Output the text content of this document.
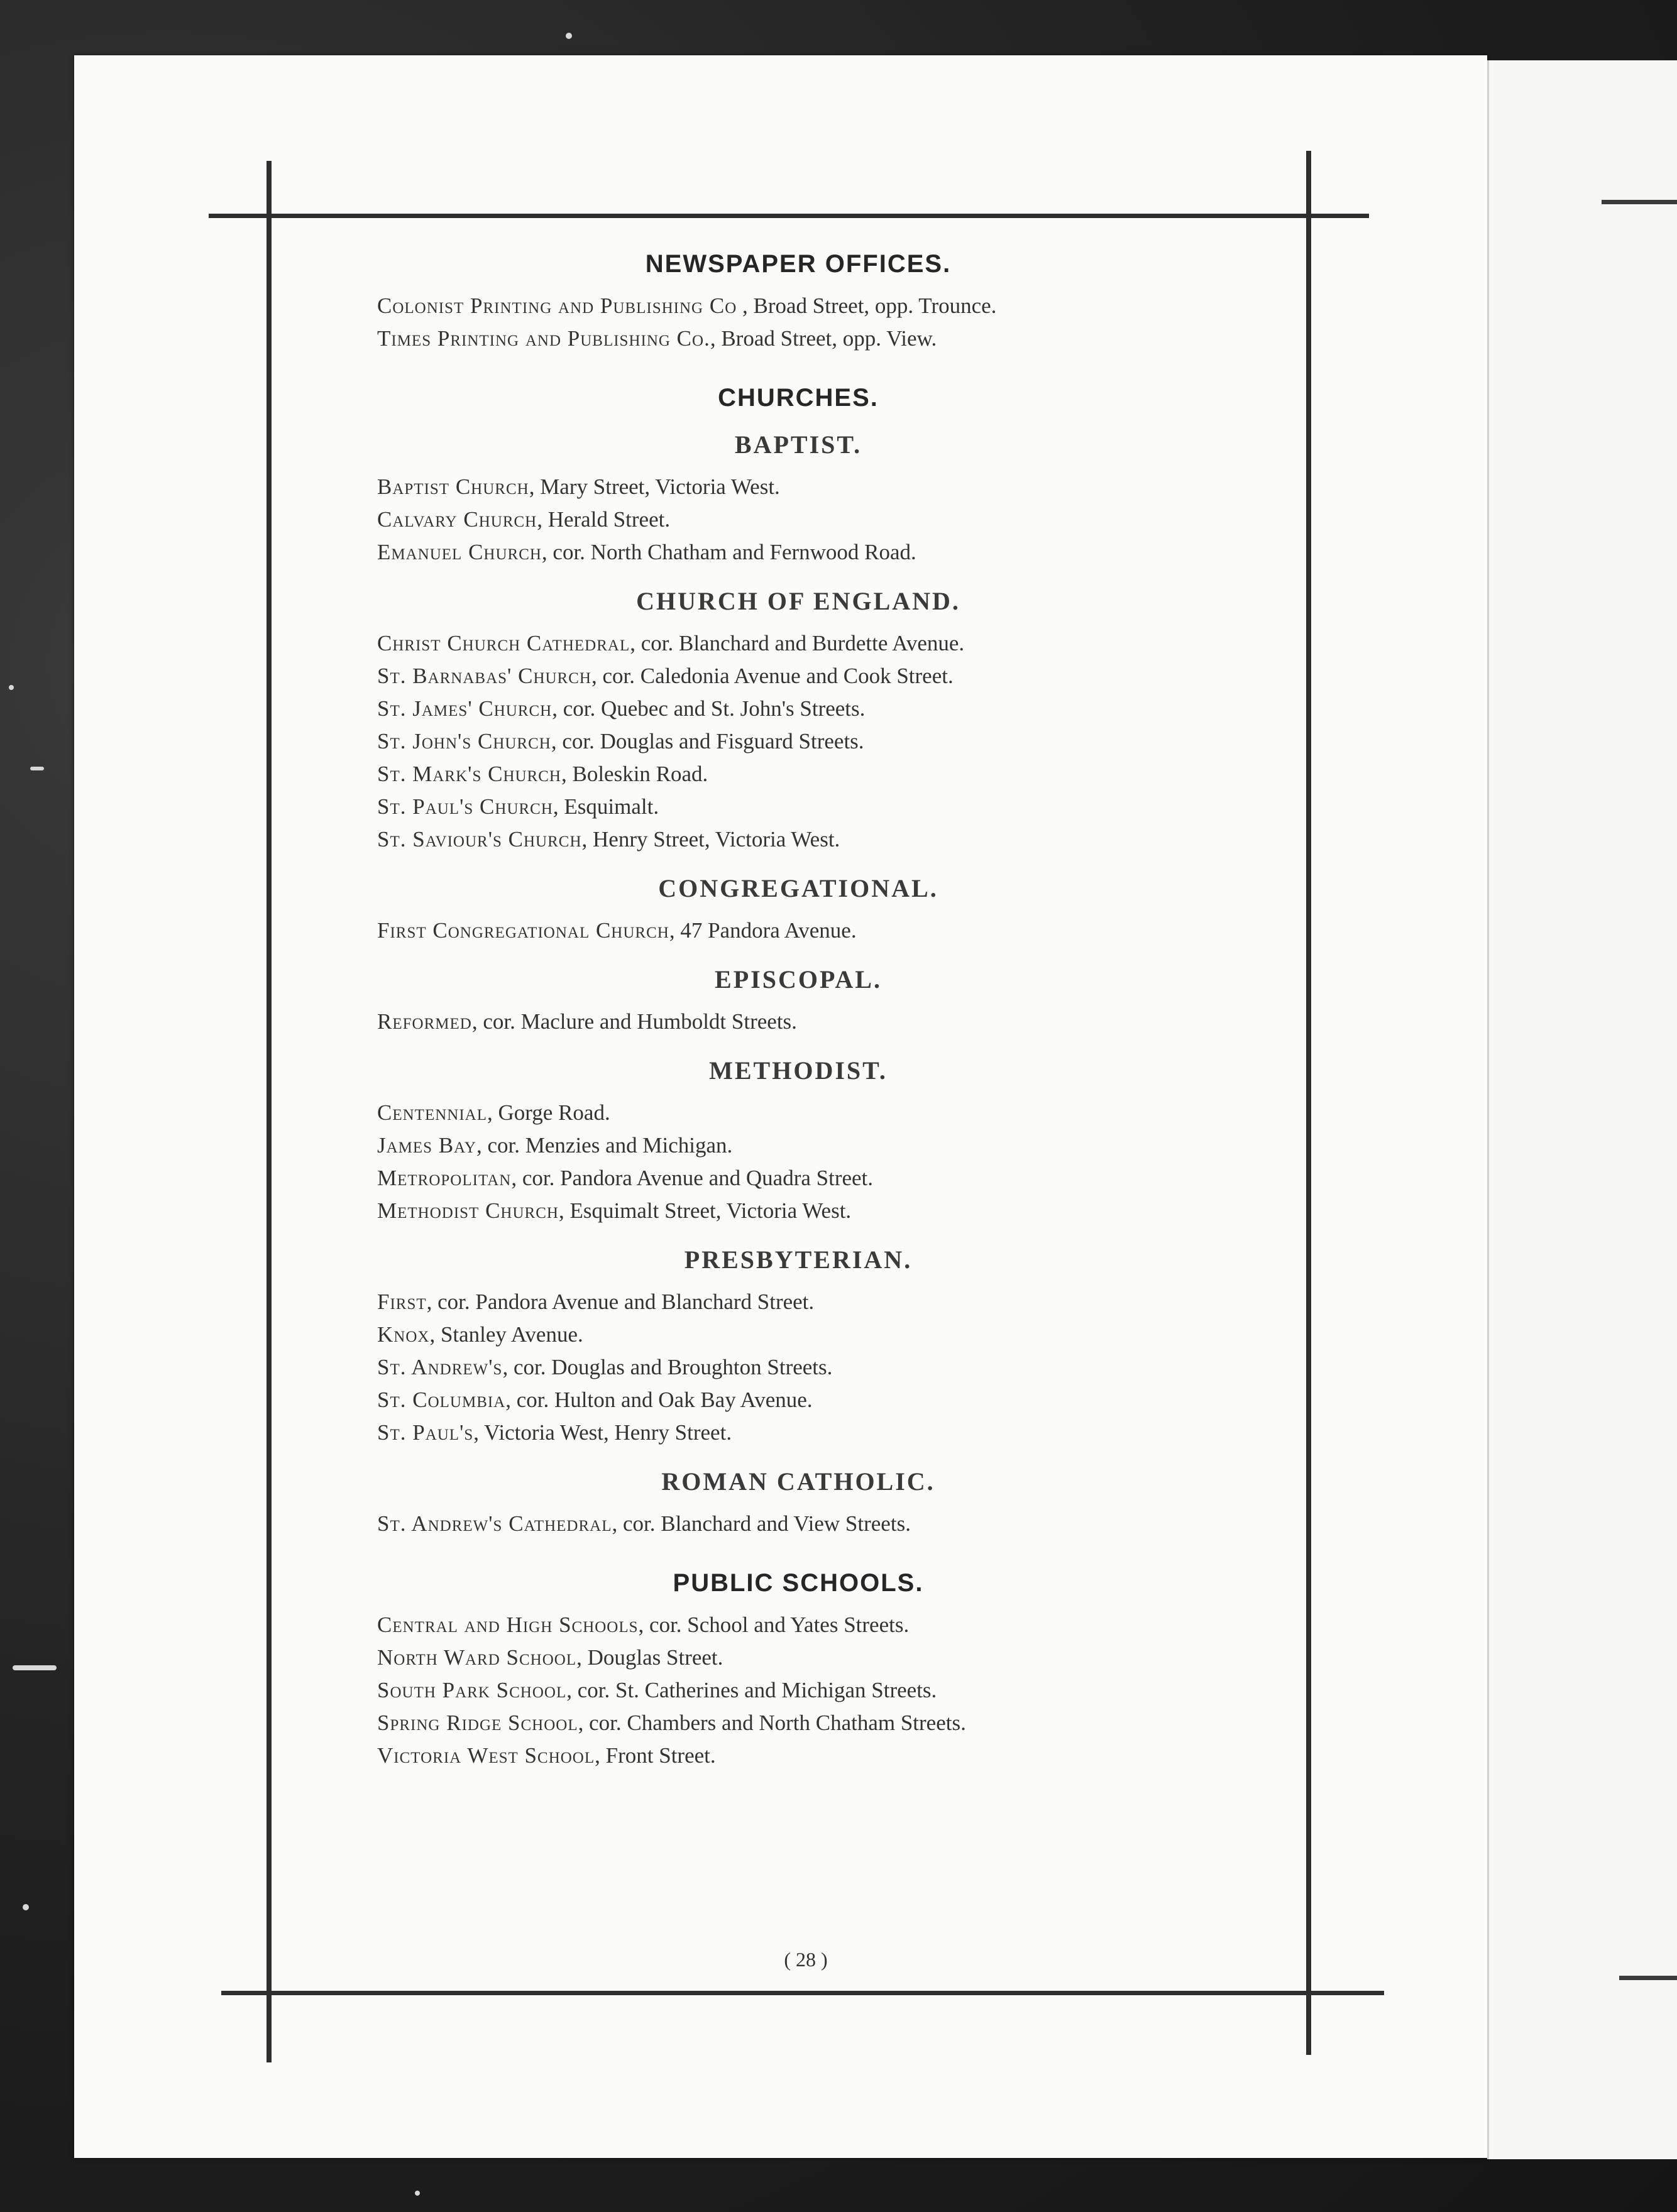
NEWSPAPER OFFICES.

Colonist Printing and Publishing Co , Broad Street, opp. Trounce.

Times Printing and Publishing Co., Broad Street, opp. View.

CHURCHES.
BAPTIST.

Baptist Church, Mary Street, Victoria West.

Calvary Church, Herald Street.

Emanuel Church, cor. North Chatham and Fernwood Road.

CHURCH OF ENGLAND.

Christ Church Cathedral, cor. Blanchard and Burdette Avenue.

St. Barnabas' Church, cor. Caledonia Avenue and Cook Street.

St. James' Church, cor. Quebec and St. John's Streets.

St. John's Church, cor. Douglas and Fisguard Streets.

St. Mark's Church, Boleskin Road.

St. Paul's Church, Esquimalt.

St. Saviour's Church, Henry Street, Victoria West.

CONGREGATIONAL.

First Congregational Church, 47 Pandora Avenue.

EPISCOPAL.

Reformed, cor. Maclure and Humboldt Streets.

METHODIST.

Centennial, Gorge Road.

James Bay, cor. Menzies and Michigan.

Metropolitan, cor. Pandora Avenue and Quadra Street.

Methodist Church, Esquimalt Street, Victoria West.

PRESBYTERIAN.

First, cor. Pandora Avenue and Blanchard Street.

Knox, Stanley Avenue.

St. Andrew's, cor. Douglas and Broughton Streets.

St. Columbia, cor. Hulton and Oak Bay Avenue.

St. Paul's, Victoria West, Henry Street.

ROMAN CATHOLIC.

St. Andrew's Cathedral, cor. Blanchard and View Streets.

PUBLIC SCHOOLS.

Central and High Schools, cor. School and Yates Streets.

North Ward School, Douglas Street.

South Park School, cor. St. Catherines and Michigan Streets.

Spring Ridge School, cor. Chambers and North Chatham Streets.

Victoria West School, Front Street.

( 28 )
